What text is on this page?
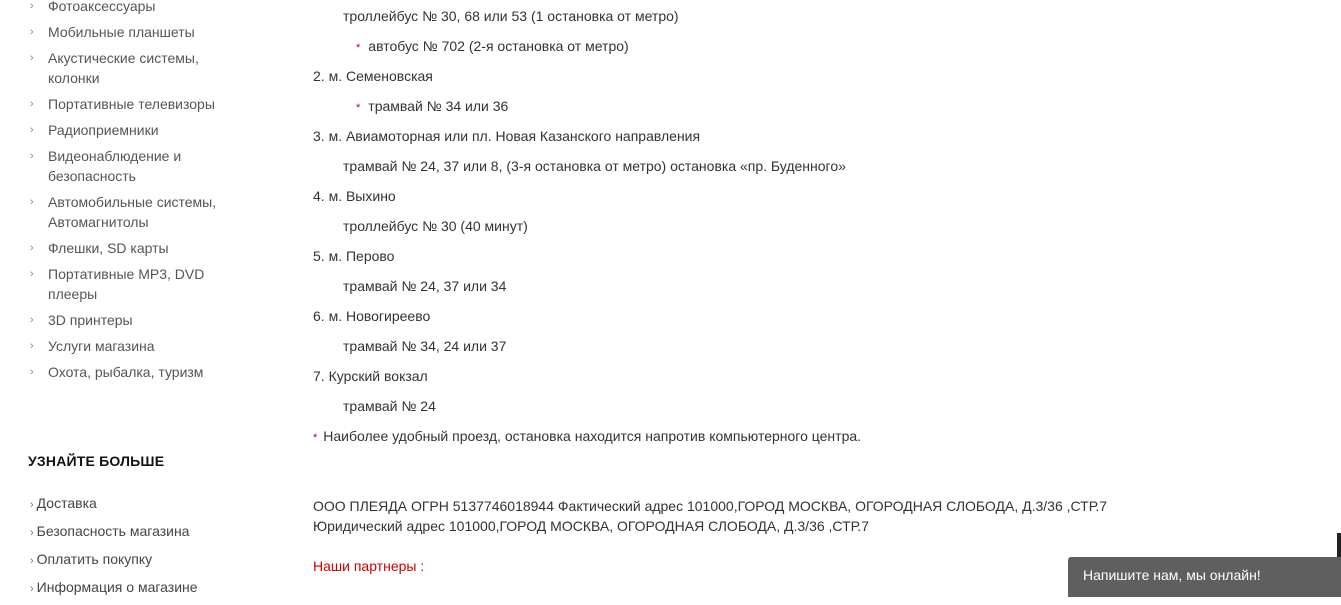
› Фотоаксессуары
› Мобильные планшеты
› Акустические системы, колонки
› Портативные телевизоры
› Радиоприемники
› Видеонаблюдение и безопасность
› Автомобильные системы, Автомагнитолы
› Флешки, SD карты
› Портативные MP3, DVD плееры
› 3D принтеры
› Услуги магазина
› Охота, рыбалка, туризм
УЗНАЙТЕ БОЛЬШЕ
› Доставка
› Безопасность магазина
› Оплатить покупку
› Информация о магазине
троллейбус № 30, 68 или 53 (1 остановка от метро)
* автобус № 702 (2-я остановка от метро)
2. м. Семеновская
* трамвай № 34 или 36
3. м. Авиамоторная или пл. Новая Казанского направления
трамвай № 24, 37 или 8, (3-я остановка от метро) остановка «пр. Буденного»
4. м. Выхино
троллейбус № 30 (40 минут)
5. м. Перово
трамвай № 24, 37 или 34
6. м. Новогиреево
трамвай № 34, 24 или 37
7. Курский вокзал
трамвай № 24
* Наиболее удобный проезд, остановка находится напротив компьютерного центра.
ООО ПЛЕЯДА ОГРН 5137746018944 Фактический адрес 101000,ГОРОД МОСКВА, ОГОРОДНАЯ СЛОБОДА, Д.3/36 ,СТР.7
Юридический адрес 101000,ГОРОД МОСКВА, ОГОРОДНАЯ СЛОБОДА, Д.3/36 ,СТР.7
Наши партнеры :
Напишите нам, мы онлайн!
